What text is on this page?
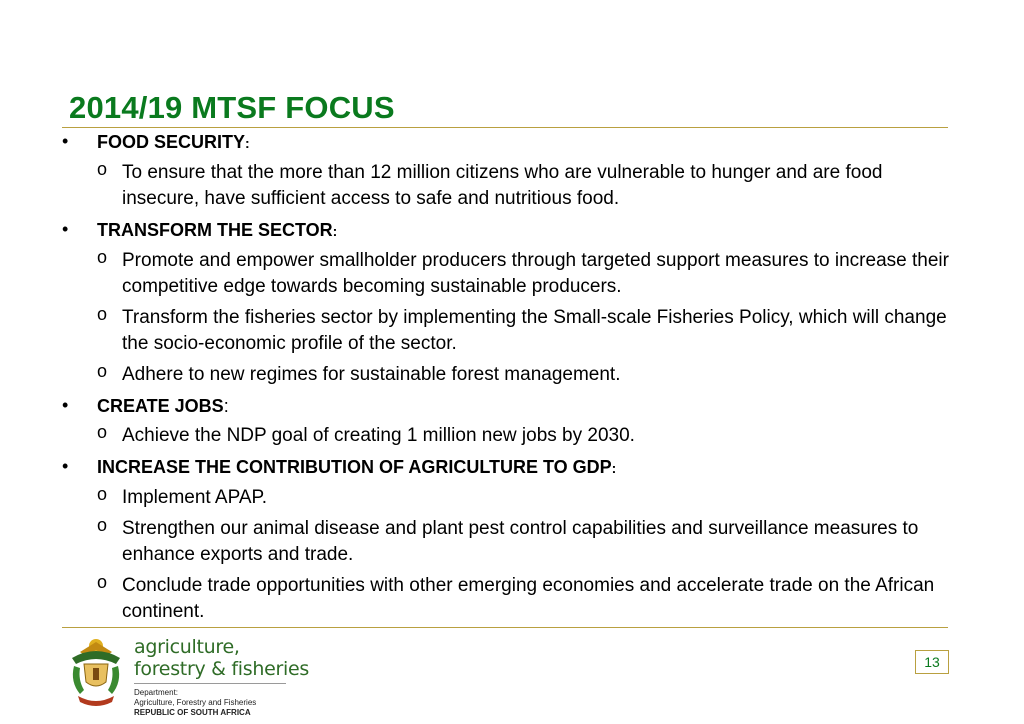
2014/19 MTSF FOCUS
• FOOD SECURITY:
o To ensure that the more than 12 million citizens who are vulnerable to hunger and are food insecure, have sufficient access to safe and nutritious food.
• TRANSFORM THE SECTOR:
o Promote and empower smallholder producers through targeted support measures to increase their competitive edge towards becoming sustainable producers.
o Transform the fisheries sector by implementing the Small-scale Fisheries Policy, which will change the socio-economic profile of the sector.
o Adhere to new regimes for sustainable forest management.
• CREATE JOBS:
o Achieve the NDP goal of creating 1 million new jobs by 2030.
• INCREASE THE CONTRIBUTION OF AGRICULTURE TO GDP:
o Implement APAP.
o Strengthen our animal disease and plant pest control capabilities and surveillance measures to enhance exports and trade.
o Conclude trade opportunities with other emerging economies and accelerate trade on the African continent.
agriculture,
forestry & fisheries
Department:
Agriculture, Forestry and Fisheries
REPUBLIC OF SOUTH AFRICA
13
